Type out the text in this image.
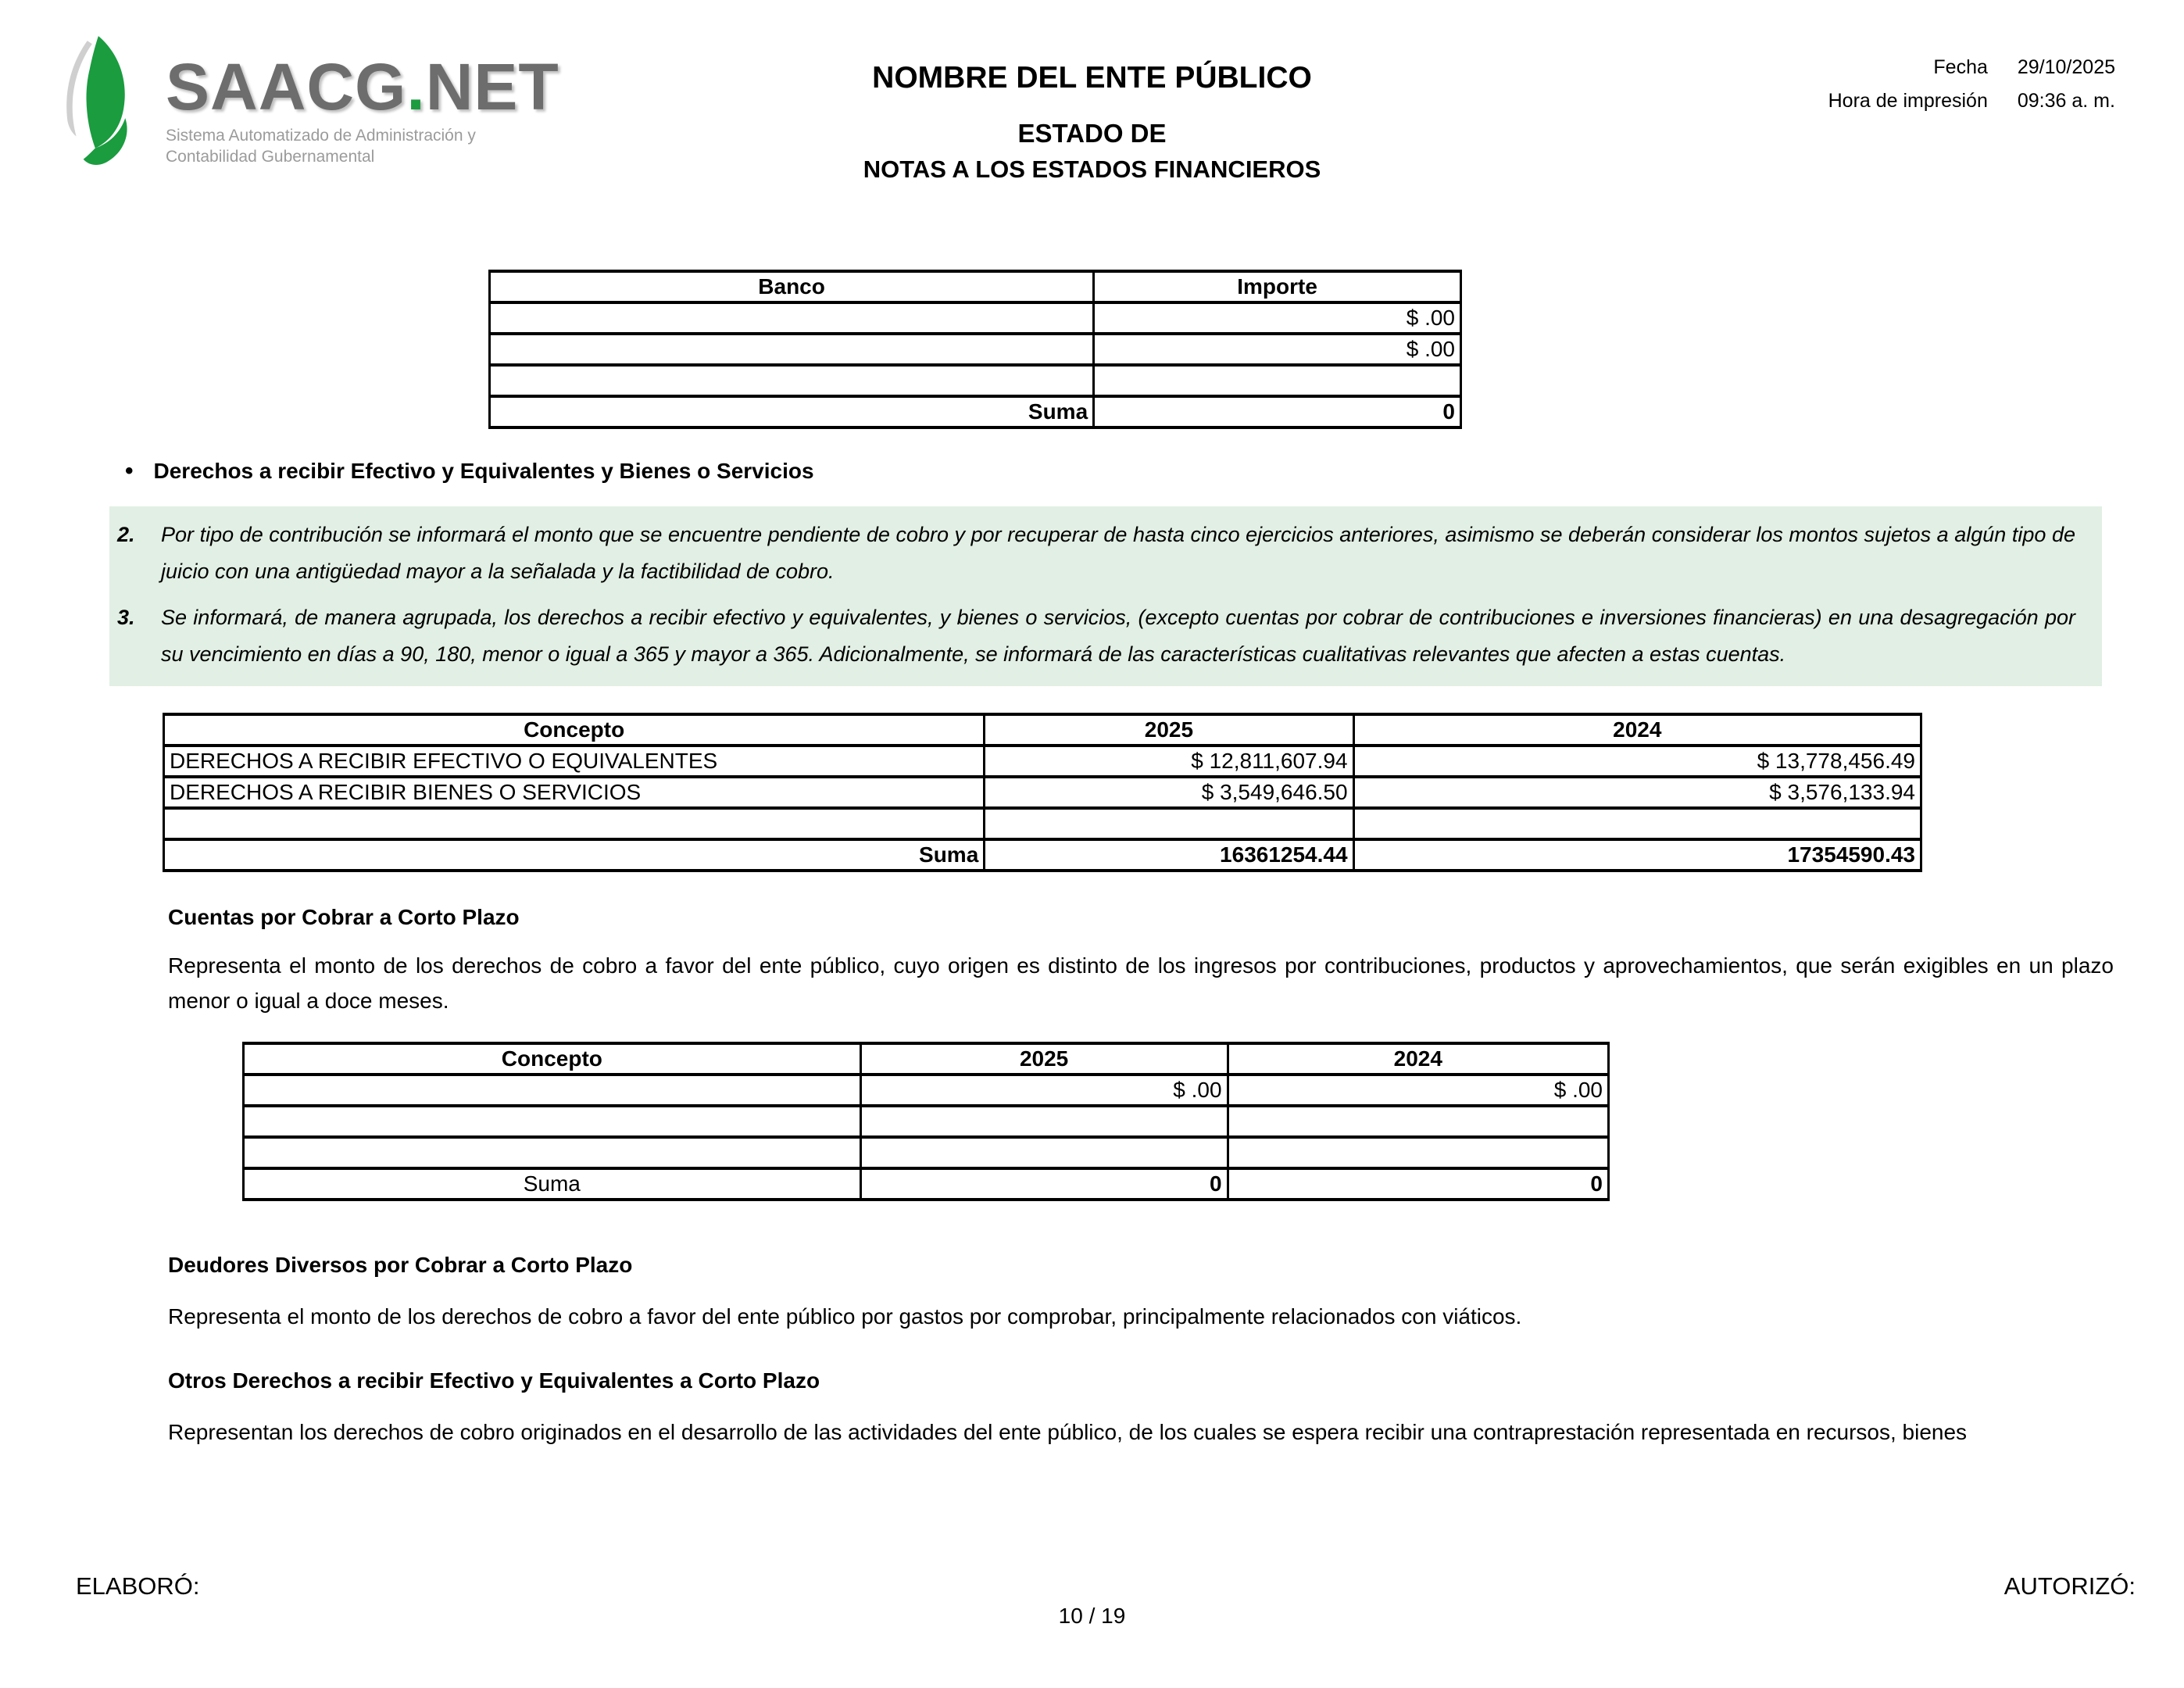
SAACG.NET
Sistema Automatizado de Administración y
Contabilidad Gubernamental
NOMBRE DEL ENTE PÚBLICO
ESTADO DE
NOTAS A LOS ESTADOS FINANCIEROS
Fecha 29/10/2025
Hora de impresión 09:36 a. m.
Banco	Importe
	$ .00
	$ .00

Suma	0
• Derechos a recibir Efectivo y Equivalentes y Bienes o Servicios
2.	Por tipo de contribución se informará el monto que se encuentre pendiente de cobro y por recuperar de hasta cinco ejercicios anteriores, asimismo se deberán considerar los montos sujetos a algún tipo de juicio con una antigüedad mayor a la señalada y la factibilidad de cobro.
3.	Se informará, de manera agrupada, los derechos a recibir efectivo y equivalentes, y bienes o servicios, (excepto cuentas por cobrar de contribuciones e inversiones financieras) en una desagregación por su vencimiento en días a 90, 180, menor o igual a 365 y mayor a 365. Adicionalmente, se informará de las características cualitativas relevantes que afecten a estas cuentas.
Concepto	2025	2024
DERECHOS A RECIBIR EFECTIVO O EQUIVALENTES	$ 12,811,607.94	$ 13,778,456.49
DERECHOS A RECIBIR BIENES O SERVICIOS	$ 3,549,646.50	$ 3,576,133.94

Suma	16361254.44	17354590.43
Cuentas por Cobrar a Corto Plazo
Representa el monto de los derechos de cobro a favor del ente público, cuyo origen es distinto de los ingresos por contribuciones, productos y aprovechamientos, que serán exigibles en un plazo menor o igual a doce meses.
Concepto	2025	2024
	$ .00	$ .00

Suma	0	0
Deudores Diversos por Cobrar a Corto Plazo
Representa el monto de los derechos de cobro a favor del ente público por gastos por comprobar, principalmente relacionados con viáticos.
Otros Derechos a recibir Efectivo y Equivalentes a Corto Plazo
Representan los derechos de cobro originados en el desarrollo de las actividades del ente público, de los cuales se espera recibir una contraprestación representada en recursos, bienes
ELABORÓ:	AUTORIZÓ:
10 / 19
